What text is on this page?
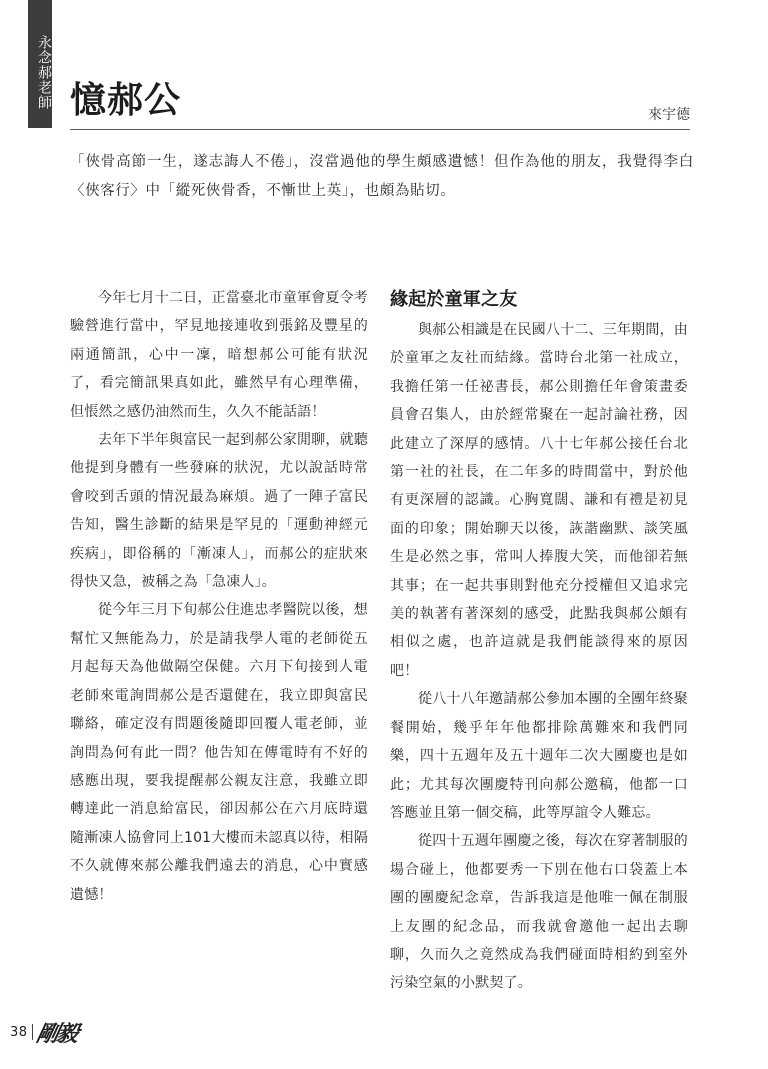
永念郝老師 憶郝公	來宇德

「俠骨高節一生，遂志誨人不倦」，沒當過他的學生頗感遺憾！但作為他的朋友，我覺得李白〈俠客行〉中「縱死俠骨香，不慚世上英」，也頗為貼切。

今年七月十二日，正當臺北市童軍會夏令考驗營進行當中，罕見地接連收到張銘及豐星的兩通簡訊，心中一凜，暗想郝公可能有狀況了，看完簡訊果真如此，雖然早有心理準備，但悵然之感仍油然而生，久久不能話語！

去年下半年與富民一起到郝公家閒聊，就聽他提到身體有一些發麻的狀況，尤以說話時常會咬到舌頭的情況最為麻煩。過了一陣子富民告知，醫生診斷的結果是罕見的「運動神經元疾病」，即俗稱的「漸凍人」，而郝公的症狀來得快又急，被稱之為「急凍人」。

從今年三月下旬郝公住進忠孝醫院以後，想幫忙又無能為力，於是請我學人電的老師從五月起每天為他做隔空保健。六月下旬接到人電老師來電詢問郝公是否還健在，我立即與富民聯絡，確定沒有問題後隨即回覆人電老師，並詢問為何有此一問？他告知在傳電時有不好的感應出現，要我提醒郝公親友注意，我雖立即轉達此一消息給富民，卻因郝公在六月底時還隨漸凍人協會同上101大樓而未認真以待，相隔不久就傳來郝公離我們遠去的消息，心中實感遺憾！

緣起於童軍之友

與郝公相識是在民國八十二、三年期間，由於童軍之友社而結緣。當時台北第一社成立，我擔任第一任祕書長，郝公則擔任年會策畫委員會召集人，由於經常聚在一起討論社務，因此建立了深厚的感情。八十七年郝公接任台北第一社的社長，在二年多的時間當中，對於他有更深層的認識。心胸寬闊、謙和有禮是初見面的印象；開始聊天以後，詼諧幽默、談笑風生是必然之事，常叫人捧腹大笑，而他卻若無其事；在一起共事則對他充分授權但又追求完美的執著有著深刻的感受，此點我與郝公頗有相似之處，也許這就是我們能談得來的原因吧！

從八十八年邀請郝公參加本團的全團年終聚餐開始，幾乎年年他都排除萬難來和我們同樂，四十五週年及五十週年二次大團慶也是如此；尤其每次團慶特刊向郝公邀稿，他都一口答應並且第一個交稿，此等厚誼令人難忘。

從四十五週年團慶之後，每次在穿著制服的場合碰上，他都要秀一下別在他右口袋蓋上本團的團慶紀念章，告訴我這是他唯一佩在制服上友團的紀念品，而我就會邀他一起出去聊聊，久而久之竟然成為我們碰面時相約到室外污染空氣的小默契了。

38 剛毅
